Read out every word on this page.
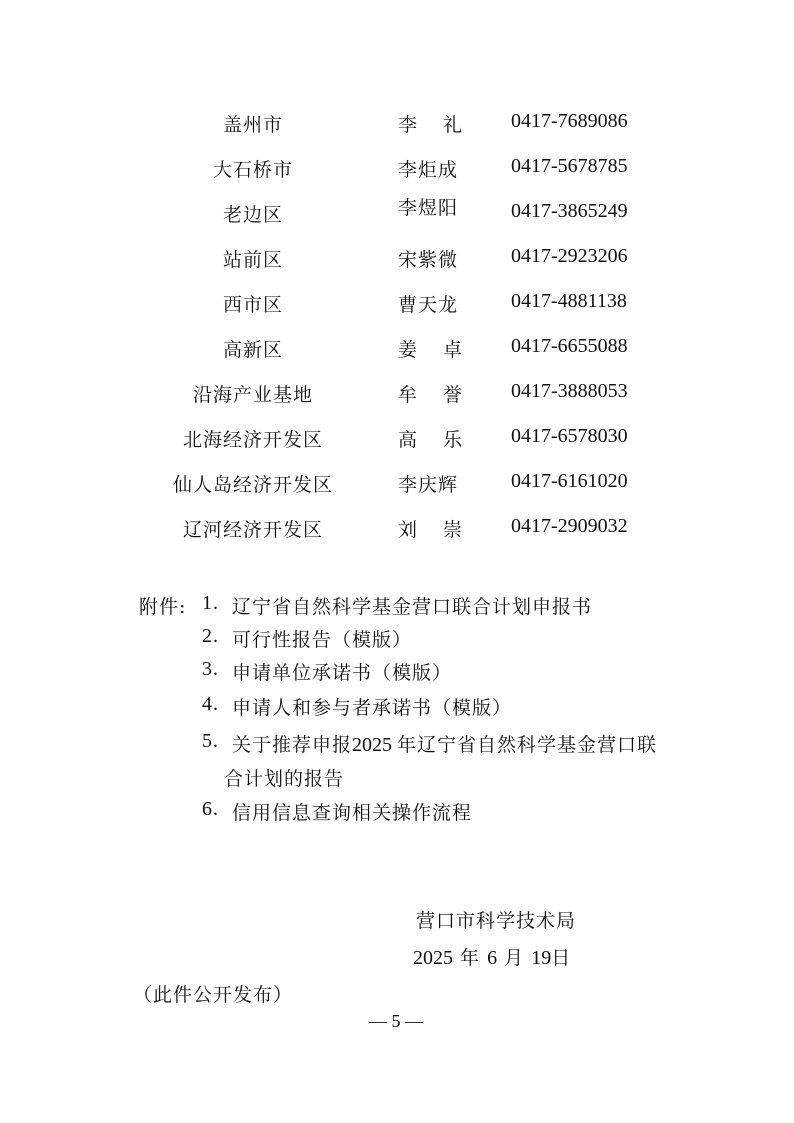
盖州市	李 礼 0417-7689086
大石桥市	李炬成	0417-5678785
老边区	李煜阳	0417-3865249
站前区	宋紫微	0417-2923206
西市区	曹天龙	0417-4881138
高新区	姜 卓 0417-6655088
沿海产业基地	牟 誉 0417-3888053
北海经济开发区	高 乐 0417-6578030
仙人岛经济开发区	李庆辉	0417-6161020
辽河经济开发区	刘 崇 0417-2909032
附件: 1. 辽宁省自然科学基金营口联合计划申报书
2. 可行性报告（模版）
3. 申请单位承诺书（模版）
4. 申请人和参与者承诺书（模版）
5. 关于推荐申报2025 年辽宁省自然科学基金营口联
合计划的报告
6. 信用信息查询相关操作流程
营口市科学技术局
2025 年 6 月 19日
（此件公开发布）
— 5 —
